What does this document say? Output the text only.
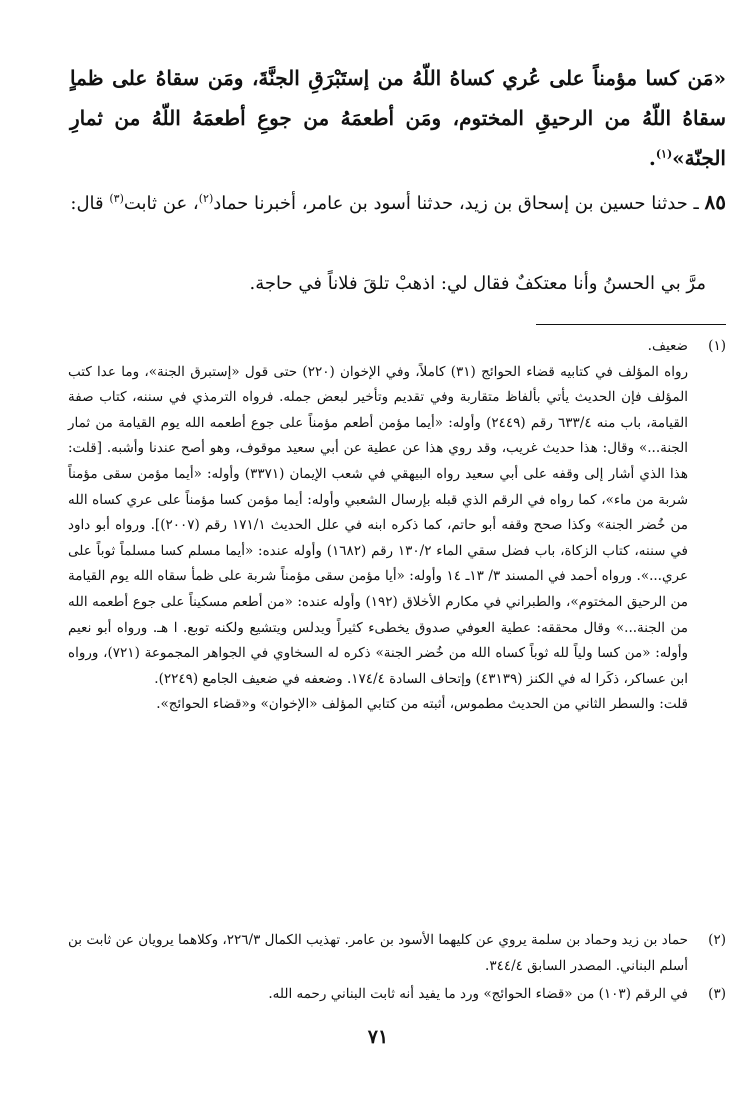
«مَن كسا مؤمناً على عُري كساهُ اللّهُ من إستَبْرَقِ الجنَّةَ، ومَن سقاهُ على ظماٍ سقاهُ اللّهُ من الرحيقِ المختوم، ومَن أطعمَهُ من جوعِ أطعمَهُ اللّهُ من ثمارِ الجنّة»$^{(١)}$.
٨٥ ـ حدثنا حسين بن إسحاق بن زيد، حدثنا أسود بن عامر، أخبرنا حماد$^{(٢)}$، عن ثابت$^{(٣)}$ قال:
مرَّ بي الحسنُ وأنا معتكفٌ فقال لي: اذهبْ تلقَ فلاناً في حاجة.
(١)

ضعيف.

رواه المؤلف في كتابيه قضاء الحوائج (٣١) كاملاً، وفي الإخوان (٢٢٠) حتى قول «إستبرق الجنة»، وما عدا كتب المؤلف فإن الحديث يأتي بألفاظ متقاربة وفي تقديم وتأخير لبعض جمله. فرواه الترمذي في سننه، كتاب صفة القيامة، باب منه ٦٣٣/٤ رقم (٢٤٤٩) وأوله: «أيما مؤمن أطعم مؤمناً على جوع أطعمه الله يوم القيامة من ثمار الجنة...» وقال: هذا حديث غريب، وقد روي هذا عن عطية عن أبي سعيد موقوف، وهو أصح عندنا وأشبه. [قلت: هذا الذي أشار إلى وقفه على أبي سعيد رواه البيهقي في شعب الإيمان (٣٣٧١) وأوله: «أيما مؤمن سقى مؤمناً شربة من ماء»، كما رواه في الرقم الذي قبله بإرسال الشعبي وأوله: أيما مؤمن كسا مؤمناً على عري كساه الله من خُضر الجنة» وكذا صحح وقفه أبو حاتم، كما ذكره ابنه في علل الحديث ١٧١/١ رقم (٢٠٠٧)]. ورواه أبو داود في سننه، كتاب الزكاة، باب فضل سقي الماء ١٣٠/٢ رقم (١٦٨٢) وأوله عنده: «أيما مسلم كسا مسلماً ثوباً على عري...». ورواه أحمد في المسند ٣/ ١٣ـ ١٤ وأوله: «أيا مؤمن سقى مؤمناً شربة على ظمأ سقاه الله يوم القيامة من الرحيق المختوم»، والطبراني في مكارم الأخلاق (١٩٢) وأوله عنده: «من أطعم مسكيناً على جوع أطعمه الله من الجنة...» وقال محققه: عطية العوفي صدوق يخطىء كثيراً ويدلس ويتشيع ولكنه توبع. ا هـ. ورواه أبو نعيم وأوله: «من كسا ولياً لله ثوباً كساه الله من خُضر الجنة» ذكره له السخاوي في الجواهر المجموعة (٧٢١)، ورواه ابن عساكر، ذكَرا له في الكنز (٤٣١٣٩) وإتحاف السادة ١٧٤/٤. وضعفه في ضعيف الجامع (٢٢٤٩).

قلت: والسطر الثاني من الحديث مطموس، أثبته من كتابي المؤلف «الإخوان» و«قضاء الحوائج».

(٢)

حماد بن زيد وحماد بن سلمة يروي عن كليهما الأسود بن عامر. تهذيب الكمال ٢٢٦/٣، وكلاهما يرويان عن ثابت بن أسلم البناني. المصدر السابق ٣٤٤/٤.

(٣)

في الرقم (١٠٣) من «قضاء الحوائج» ورد ما يفيد أنه ثابت البناني رحمه الله.

٧١
